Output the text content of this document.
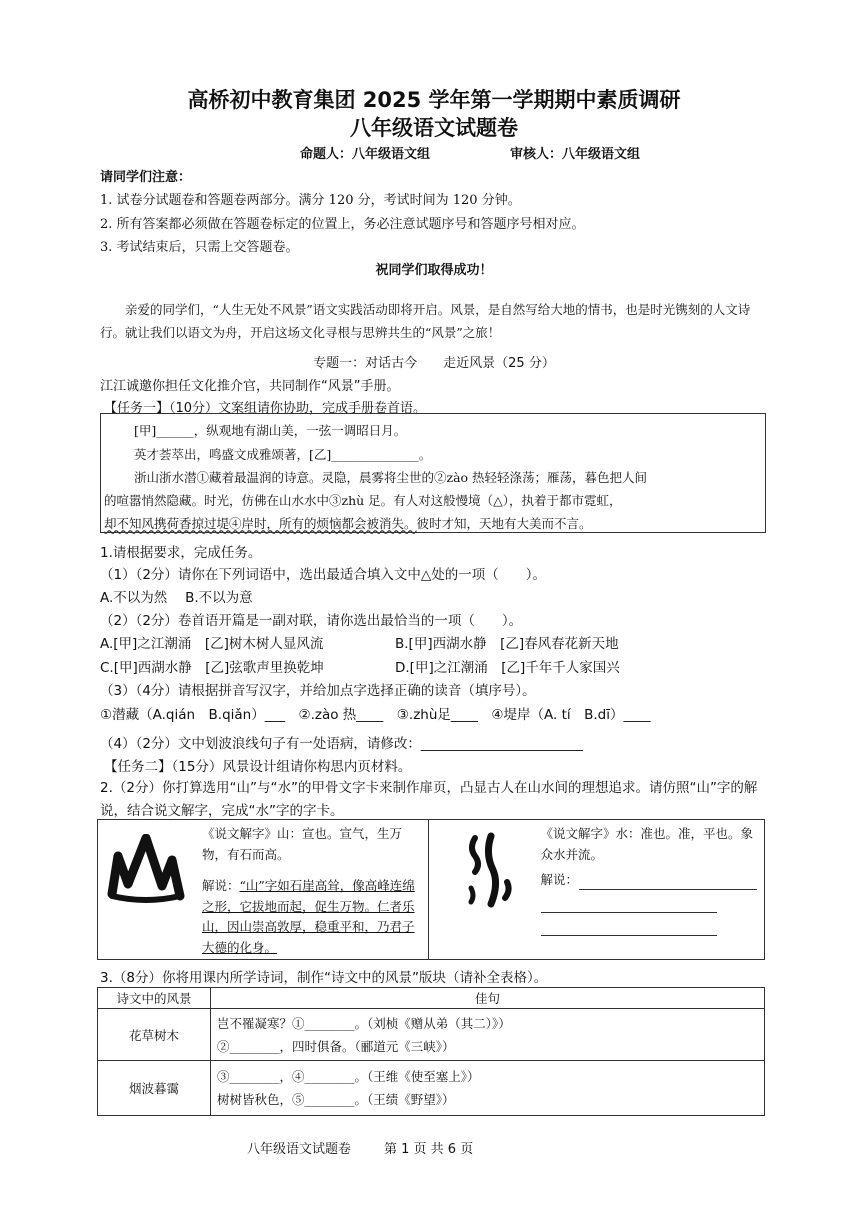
高桥初中教育集团 2025 学年第一学期期中素质调研
八年级语文试题卷
命题人：八年级语文组	审核人：八年级语文组
请同学们注意：
1. 试卷分试题卷和答题卷两部分。满分 120 分，考试时间为 120 分钟。
2. 所有答案都必须做在答题卷标定的位置上，务必注意试题序号和答题序号相对应。
3. 考试结束后，只需上交答题卷。
祝同学们取得成功！
亲爱的同学们，“人生无处不风景”语文实践活动即将开启。风景，是自然写给大地的情书，也是时光镌刻的人文诗行。就让我们以语文为舟，开启这场文化寻根与思辨共生的“风景”之旅！
专题一：对话古今　　走近风景（25 分）
江江诚邀你担任文化推介官，共同制作“风景”手册。
【任务一】（10分）文案组请你协助，完成手册卷首语。
[甲]______，纵观地有湖山美，一弦一调昭日月。
英才荟萃出，鸣盛文成雅颂著，[乙]______________。
浙山浙水潜①藏着最温润的诗意。灵隐，晨雾将尘世的②zào 热轻轻涤荡；雁荡，暮色把人间
的喧嚣悄然隐藏。时光，仿佛在山水水中③zhù 足。有人对这般慢境（△），执着于都市霓虹，
却不知风携荷香掠过堤④岸时，所有的烦恼都会被消失。彼时才知，天地有大美而不言。
1.请根据要求，完成任务。
（1）（2分）请你在下列词语中，选出最适合填入文中△处的一项（　　）。
A.不以为然　 B.不以为意
（2）（2分）卷首语开篇是一副对联，请你选出最恰当的一项（　　）。
A.[甲]之江潮涌　[乙]树木树人显风流	B.[甲]西湖水静　[乙]春风春花新天地
C.[甲]西湖水静　[乙]弦歌声里换乾坤	D.[甲]之江潮涌　[乙]千年千人家国兴
（3）（4分）请根据拼音写汉字，并给加点字选择正确的读音（填序号）。
①潜藏（A.qián　B.qiǎn）___　②.zào 热____　③.zhù足____　④堤岸（A. tí　B.dī）____
（4）（2分）文中划波浪线句子有一处语病，请修改：________________________
【任务二】（15分）风景设计组请你构思内页材料。
2.（2分）你打算选用“山”与“水”的甲骨文字卡来制作扉页，凸显古人在山水间的理想追求。请仿照“山”字的解说，结合说文解字，完成“水”字的字卡。
《说文解字》山：宣也。宣气，生万物，有石而高。
解说：“山”字如石崖高耸，像高峰连绵之形，它拔地而起，促生万物。仁者乐山，因山崇高敦厚，稳重平和，乃君子大德的化身。

《说文解字》水：准也。准，平也。象众水并流。
解说：
3.（8分）你将用课内所学诗词，制作“诗文中的风景”版块（请补全表格）。
诗文中的风景	佳句
花草树木	岂不罹凝寒？①________。（刘桢《赠从弟（其二）》）
②________，四时俱备。（郦道元《三峡》）

烟波暮霭	③________，④________。（王维《使至塞上》）
树树皆秋色，⑤________。（王绩《野望》）
八年级语文试题卷	第 1 页 共 6 页
